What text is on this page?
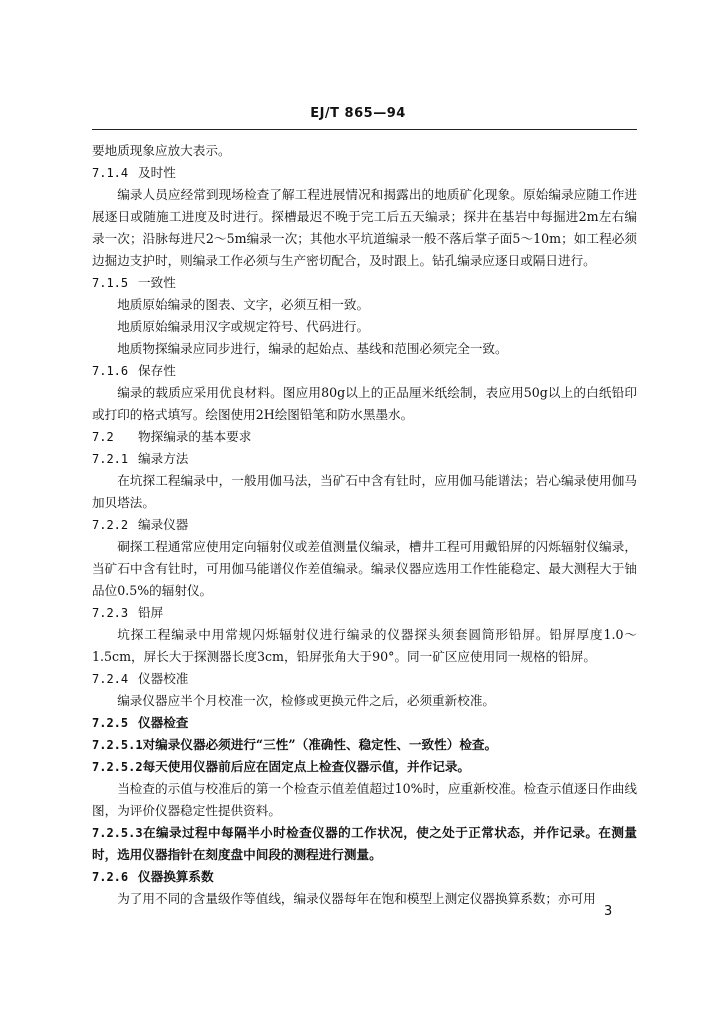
EJ/T 865—94

要地质现象应放大表示。

7.1.4 及时性

编录人员应经常到现场检查了解工程进展情况和揭露出的地质矿化现象。原始编录应随工作进展逐日或随施工进度及时进行。探槽最迟不晚于完工后五天编录；探井在基岩中每掘进2m左右编录一次；沿脉每进尺2～5m编录一次；其他水平坑道编录一般不落后掌子面5～10m；如工程必须边掘边支护时，则编录工作必须与生产密切配合，及时跟上。钻孔编录应逐日或隔日进行。

7.1.5 一致性

地质原始编录的图表、文字，必须互相一致。

地质原始编录用汉字或规定符号、代码进行。

地质物探编录应同步进行，编录的起始点、基线和范围必须完全一致。

7.1.6 保存性

编录的载质应采用优良材料。图应用80g以上的正品厘米纸绘制，表应用50g以上的白纸铅印或打印的格式填写。绘图使用2H绘图铅笔和防水黑墨水。

7.2 物探编录的基本要求

7.2.1 编录方法

在坑探工程编录中，一般用伽马法，当矿石中含有钍时，应用伽马能谱法；岩心编录使用伽马加贝塔法。

7.2.2 编录仪器

硐探工程通常应使用定向辐射仪或差值测量仪编录，槽井工程可用戴铅屏的闪烁辐射仪编录，当矿石中含有钍时，可用伽马能谱仪作差值编录。编录仪器应选用工作性能稳定、最大测程大于铀品位0.5%的辐射仪。

7.2.3 铅屏

坑探工程编录中用常规闪烁辐射仪进行编录的仪器探头须套圆筒形铅屏。铅屏厚度1.0～1.5cm，屏长大于探测器长度3cm，铅屏张角大于90°。同一矿区应使用同一规格的铅屏。

7.2.4 仪器校准

编录仪器应半个月校准一次，检修或更换元件之后，必须重新校准。

7.2.5 仪器检查

7.2.5.1对编录仪器必须进行“三性”（准确性、稳定性、一致性）检查。

7.2.5.2每天使用仪器前后应在固定点上检查仪器示值，并作记录。

当检查的示值与校准后的第一个检查示值差值超过10%时，应重新校准。检查示值逐日作曲线图，为评价仪器稳定性提供资料。

7.2.5.3在编录过程中每隔半小时检查仪器的工作状况，使之处于正常状态，并作记录。在测量时，选用仪器指针在刻度盘中间段的测程进行测量。

7.2.6 仪器换算系数

为了用不同的含量级作等值线，编录仪器每年在饱和模型上测定仪器换算系数；亦可用

3
